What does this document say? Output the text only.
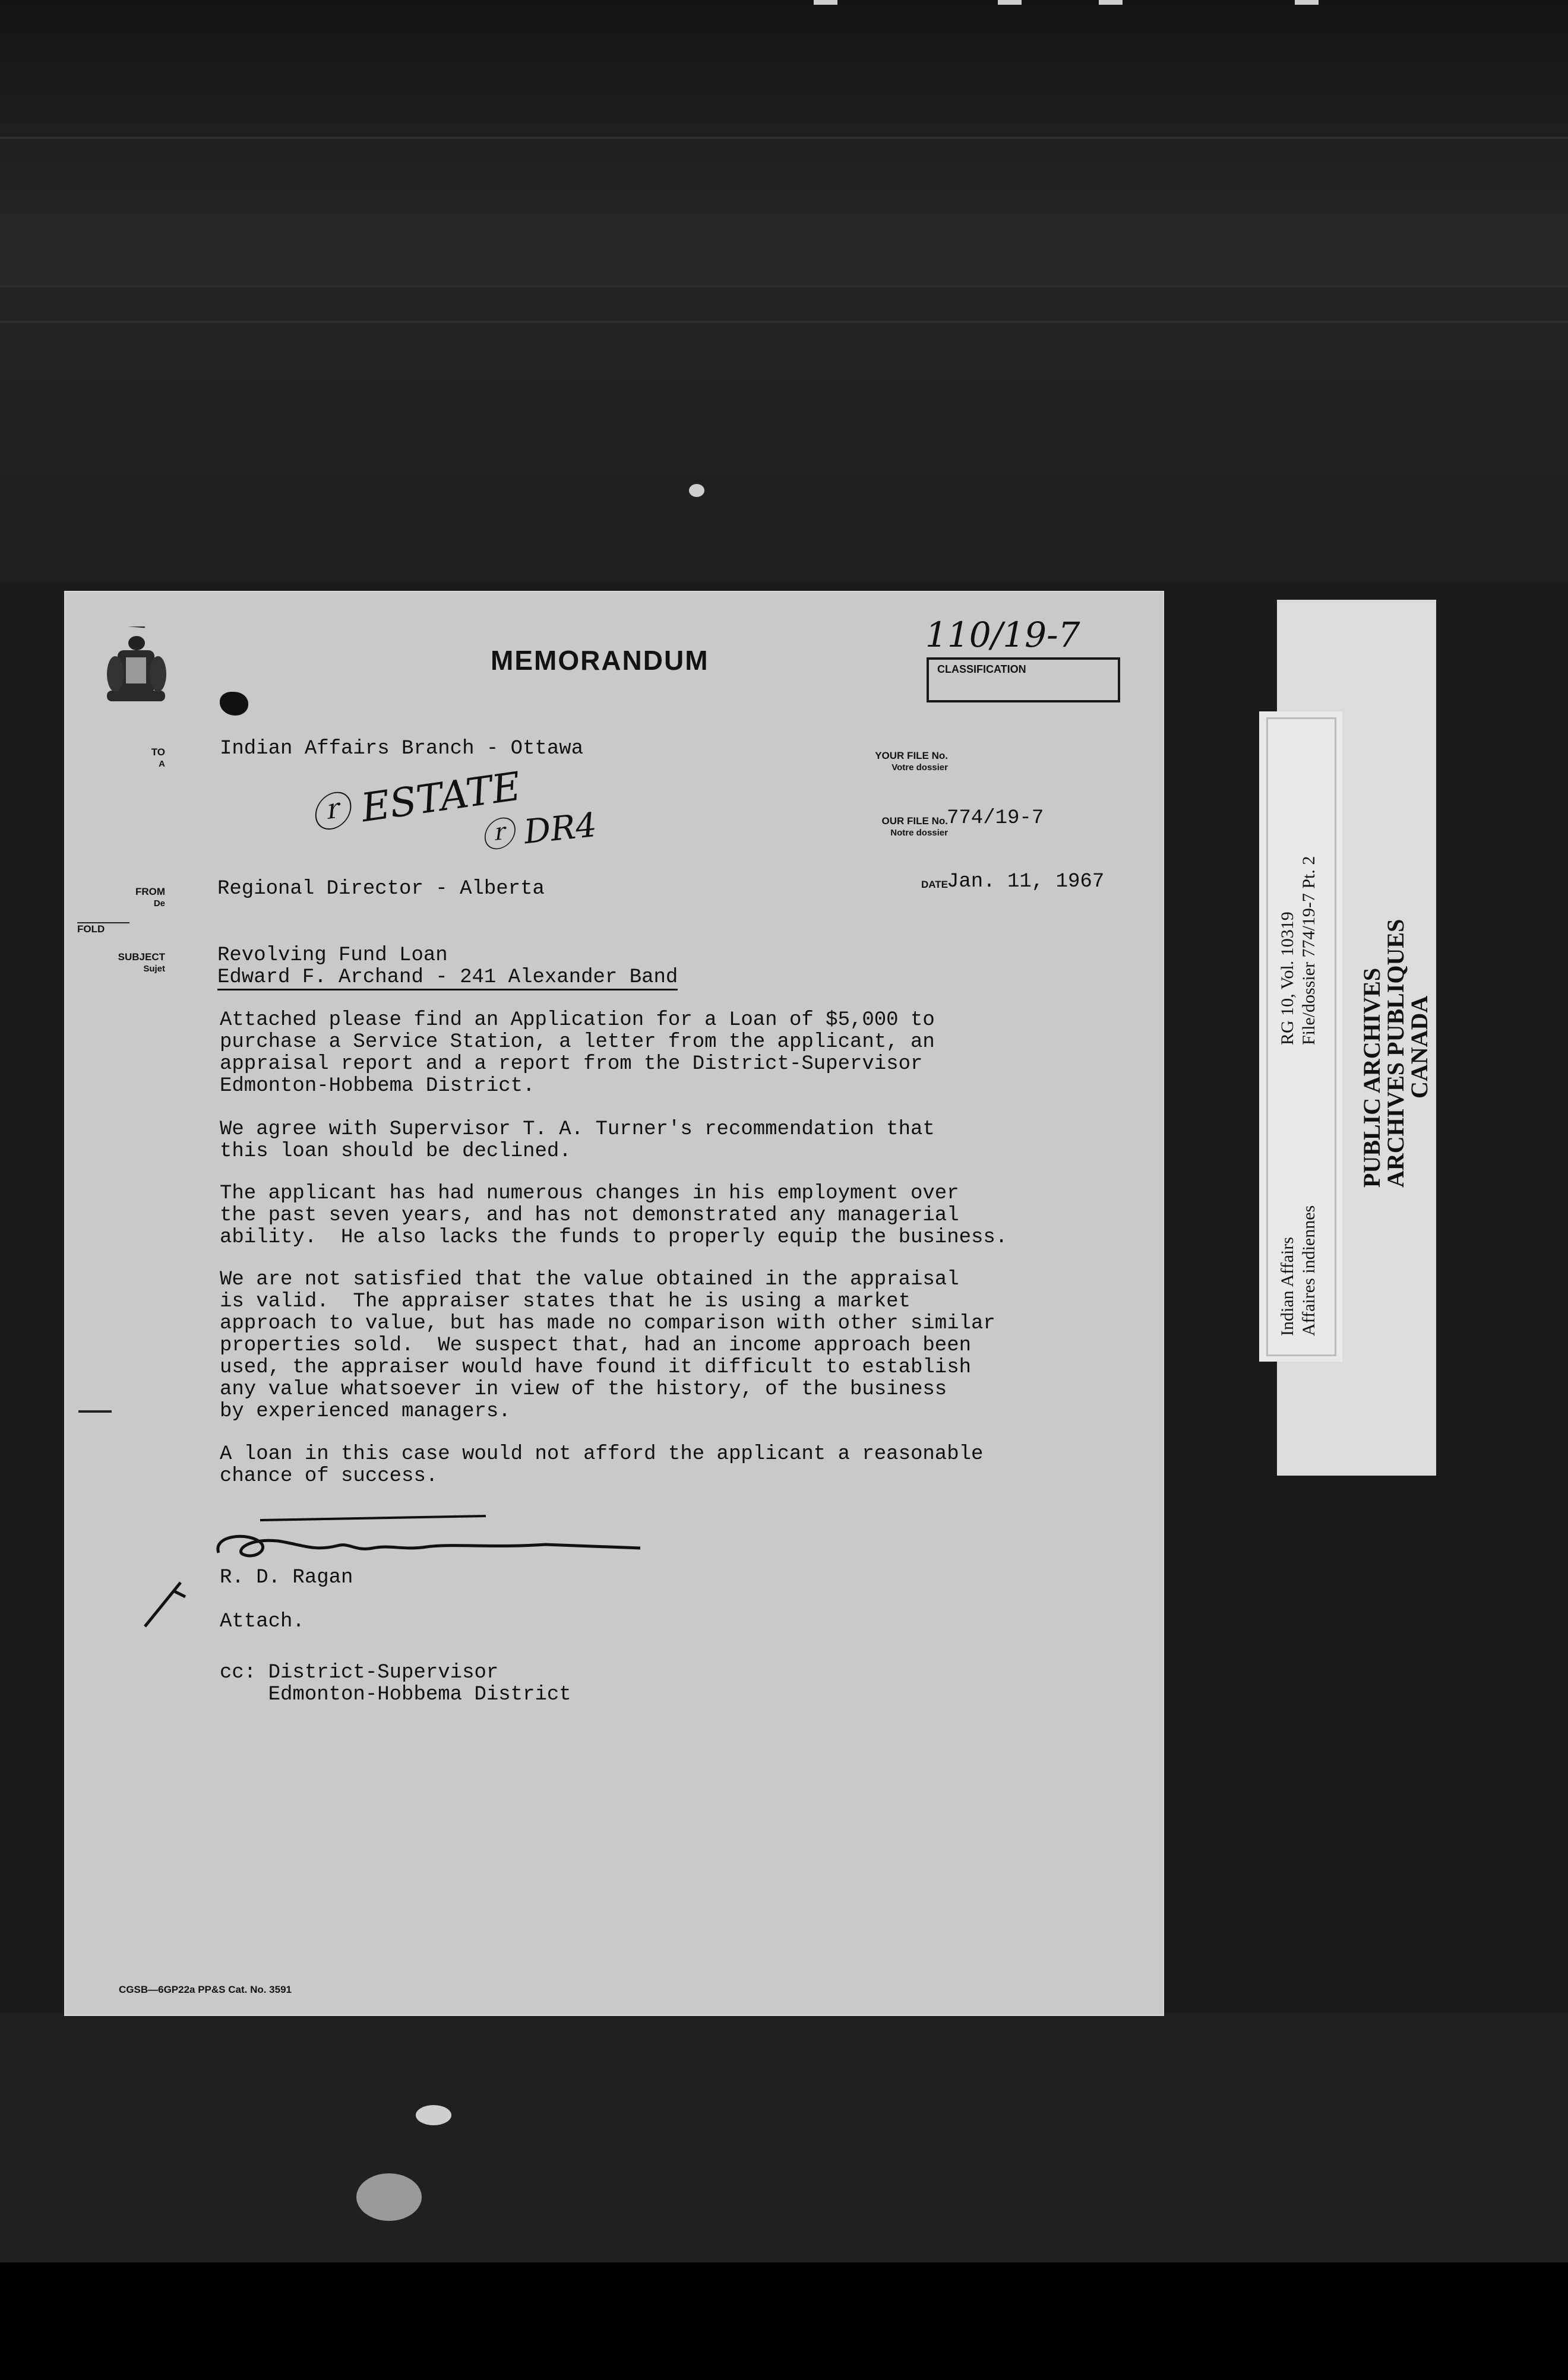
MEMORANDUM
110/19-7
CLASSIFICATION
TO
A
Indian Affairs Branch - Ottawa
ⓡ ESTATE
ⓡ DR4
YOUR FILE No.
Votre dossier
OUR FILE No.
Notre dossier
774/19-7
DATE
Jan. 11, 1967
FROM
De
Regional Director - Alberta
FOLD
SUBJECT
Sujet
Revolving Fund Loan
Edward F. Archand - 241 Alexander Band
Attached please find an Application for a Loan of $5,000 to
purchase a Service Station, a letter from the applicant, an
appraisal report and a report from the District-Supervisor
Edmonton-Hobbema District.
We agree with Supervisor T. A. Turner's recommendation that
this loan should be declined.
The applicant has had numerous changes in his employment over
the past seven years, and has not demonstrated any managerial
ability.  He also lacks the funds to properly equip the business.
We are not satisfied that the value obtained in the appraisal
is valid.  The appraiser states that he is using a market
approach to value, but has made no comparison with other similar
properties sold.  We suspect that, had an income approach been
used, the appraiser would have found it difficult to establish
any value whatsoever in view of the history, of the business
by experienced managers.
A loan in this case would not afford the applicant a reasonable
chance of success.
R. D. Ragan
Attach.
cc: District-Supervisor
Edmonton-Hobbema District
CGSB—6GP22a PP&S Cat. No. 3591
PUBLIC ARCHIVES
ARCHIVES PUBLIQUES
CANADA
Indian Affairs Affaires indiennes
RG 10, Vol. 10319 File/dossier 774/19-7 Pt. 2
